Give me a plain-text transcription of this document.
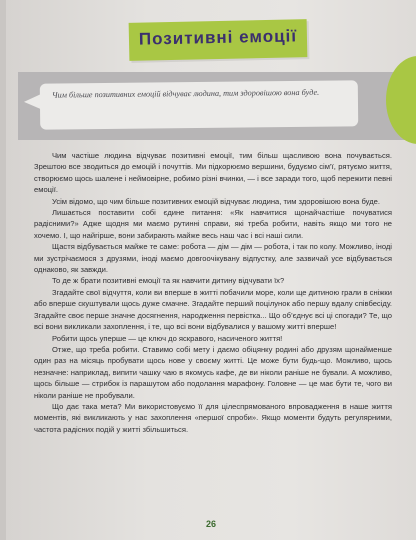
Позитивні емоції
Чим більше позитивних емоцій відчуває людина, тим здоровішою вона буде.

Чим частіше людина відчуває позитивні емоції, тим більш щасливою вона почувається. Зрештою все зводиться до емоцій і почуттів. Ми підкорюємо вершини, будуємо сім’ї, рятуємо життя, створюємо щось шалене і неймовірне, робимо різні вчинки, — і все заради того, щоб пережити певні емоції.

Усім відомо, що чим більше позитивних емоцій відчуває людина, тим здоровішою вона буде.

Лишається поставити собі єдине питання: «Як навчитися щонайчастіше почуватися радісними?» Адже щодня ми маємо рутинні справи, які треба робити, навіть якщо ми того не хочемо. І, що найгірше, вони забирають майже весь наш час і всі наші сили.

Щастя відбувається майже те саме: робота — дім — дім — робота, і так по колу. Можливо, іноді ми зустрічаємося з друзями, іноді маємо довгоочікувану відпустку, але зазвичай усе відбувається однаково, як завжди.

То де ж брати позитивні емоції та як навчити дитину відчувати їх?

Згадайте свої відчуття, коли ви вперше в житті побачили море, коли ще дитиною грали в сніжки або вперше скуштували щось дуже смачне. Згадайте перший поцілунок або першу вдалу співбесіду. Згадайте своє перше значне досягнення, народження первістка... Що об’єднує всі ці спогади? Те, що всі вони викликали захоплення, і те, що всі вони відбувалися у вашому житті вперше!

Робити щось уперше — це ключ до яскравого, насиченого життя!

Отже, що треба робити. Ставимо собі мету і даємо обіцянку родині або друзям щонайменше один раз на місяць пробувати щось нове у своєму житті. Це може бути будь-що. Можливо, щось незначне: наприклад, випити чашку чаю в якомусь кафе, де ви ніколи раніше не бували. А можливо, щось більше — стрибок із парашутом або подолання марафону. Головне — це має бути те, чого ви ніколи раніше не пробували.

Що дає така мета? Ми використовуємо її для цілеспрямованого впровадження в наше життя моментів, які викликають у нас захоплення «першої спроби». Якщо моменти будуть регулярними, частота радісних подій у житті збільшиться.

26
